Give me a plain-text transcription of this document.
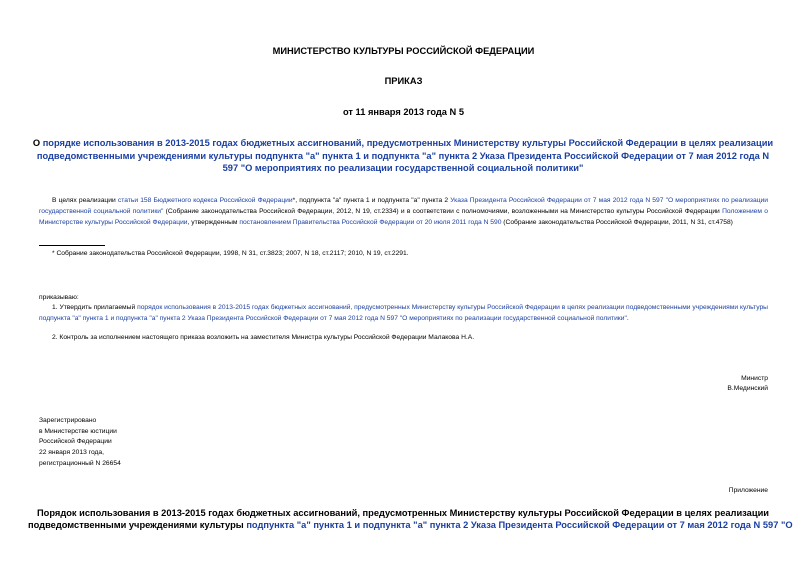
МИНИСТЕРСТВО КУЛЬТУРЫ РОССИЙСКОЙ ФЕДЕРАЦИИ
ПРИКАЗ
от 11 января 2013 года N 5
О порядке использования в 2013-2015 годах бюджетных ассигнований, предусмотренных Министерству культуры Российской Федерации в целях реализации подведомственными учреждениями культуры подпункта "а" пункта 1 и подпункта "а" пункта 2 Указа Президента Российской Федерации от 7 мая 2012 года N 597 "О мероприятиях по реализации государственной социальной политики"
В целях реализации статьи 158 Бюджетного кодекса Российской Федерации*, подпункта "а" пункта 1 и подпункта "а" пункта 2 Указа Президента Российской Федерации от 7 мая 2012 года N 597 "О мероприятиях по реализации государственной социальной политики" (Собрание законодательства Российской Федерации, 2012, N 19, ст.2334) и в соответствии с полномочиями, возложенными на Министерство культуры Российской Федерации Положением о Министерстве культуры Российской Федерации, утвержденным постановлением Правительства Российской Федерации от 20 июля 2011 года N 590 (Собрание законодательства Российской Федерации, 2011, N 31, ст.4758)
* Собрание законодательства Российской Федерации, 1998, N 31, ст.3823; 2007, N 18, ст.2117; 2010, N 19, ст.2291.
приказываю:
1. Утвердить прилагаемый порядок использования в 2013-2015 годах бюджетных ассигнований, предусмотренных Министерству культуры Российской Федерации в целях реализации подведомственными учреждениями культуры подпункта "а" пункта 1 и подпункта "а" пункта 2 Указа Президента Российской Федерации от 7 мая 2012 года N 597 "О мероприятиях по реализации государственной социальной политики".
2. Контроль за исполнением настоящего приказа возложить на заместителя Министра культуры Российской Федерации Малакова Н.А.
Министр
В.Мединский
Зарегистрировано
в Министерстве юстиции
Российской Федерации
22 января 2013 года,
регистрационный N 26654
Приложение
Порядок использования в 2013-2015 годах бюджетных ассигнований, предусмотренных Министерству культуры Российской Федерации в целях реализации
подведомственными учреждениями культуры подпункта "а" пункта 1 и подпункта "а" пункта 2 Указа Президента Российской Федерации от 7 мая 2012 года N 597 "О
